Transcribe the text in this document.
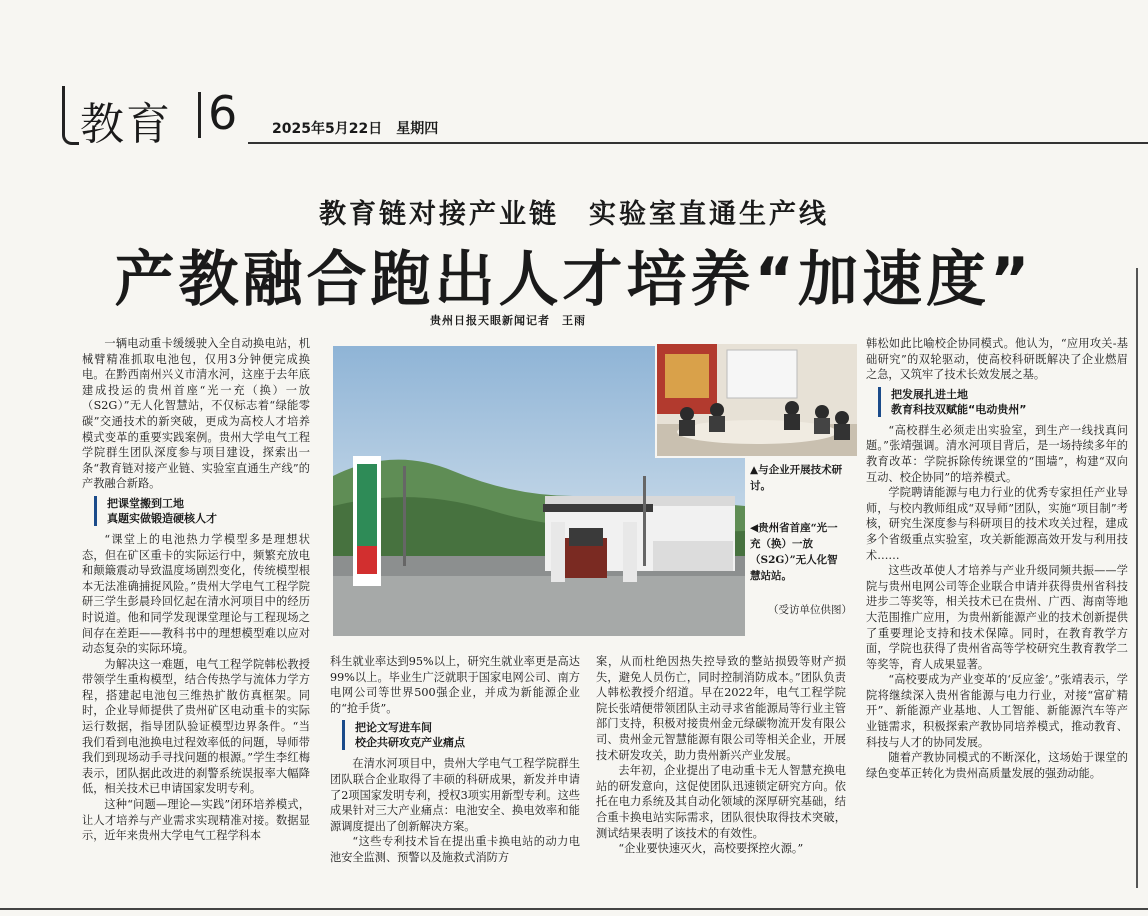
教育 6 2025年5月22日　星期四
教育链对接产业链　实验室直通生产线
产教融合跑出人才培养“加速度”
贵州日报天眼新闻记者　王雨

一辆电动重卡缓缓驶入全自动换电站，机械臂精准抓取电池包，仅用3分钟便完成换电。在黔西南州兴义市清水河，这座于去年底建成投运的贵州首座“光一充（换）一放（S2G）”无人化智慧站，不仅标志着“绿能零碳”交通技术的新突破，更成为高校人才培养模式变革的重要实践案例。贵州大学电气工程学院群生团队深度参与项目建设，探索出一条“教育链对接产业链、实验室直通生产线”的产教融合新路。

把课堂搬到工地
真题实做锻造硬核人才

“课堂上的电池热力学模型多是理想状态，但在矿区重卡的实际运行中，频繁充放电和颠簸震动导致温度场剧烈变化，传统模型根本无法准确捕捉风险。”贵州大学电气工程学院研三学生彭晨玲回忆起在清水河项目中的经历时说道。他和同学发现课堂理论与工程现场之间存在差距——教科书中的理想模型难以应对动态复杂的实际环境。

为解决这一难题，电气工程学院韩松教授带领学生重构模型，结合传热学与流体力学方程，搭建起电池包三维热扩散仿真框架。同时，企业导师提供了贵州矿区电动重卡的实际运行数据，指导团队验证模型边界条件。“当我们看到电池换电过程效率低的问题，导师带我们到现场动手寻找问题的根源。”学生李红梅表示，团队据此改进的刹警系统误报率大幅降低，相关技术已申请国家发明专利。

这种“问题—理论—实践”闭环培养模式，让人才培养与产业需求实现精准对接。数据显示，近年来贵州大学电气工程学科本

▲与企业开展技术研讨。
◀贵州省首座“光一充（换）一放（S2G）”无人化智慧站站。
（受访单位供图）

科生就业率达到95%以上，研究生就业率更是高达99%以上。毕业生广泛就职于国家电网公司、南方电网公司等世界500强企业，并成为新能源企业的“抢手货”。

把论文写进车间
校企共研攻克产业痛点

在清水河项目中，贵州大学电气工程学院群生团队联合企业取得了丰硕的科研成果，新发并申请了2项国家发明专利，授权3项实用新型专利。这些成果针对三大产业痛点：电池安全、换电效率和能源调度提出了创新解决方案。

“这些专利技术旨在提出重卡换电站的动力电池安全监测、预警以及施救式消防方

案，从而杜绝因热失控导致的整站损毁等财产损失，避免人员伤亡，同时控制消防成本。”团队负责人韩松教授介绍道。早在2022年，电气工程学院院长张靖便带领团队主动寻求省能源局等行业主管部门支持，积极对接贵州金元绿碳物流开发有限公司、贵州金元智慧能源有限公司等相关企业，开展技术研发攻关，助力贵州新兴产业发展。

去年初，企业提出了电动重卡无人智慧充换电站的研发意向，这促使团队迅速锁定研究方向。依托在电力系统及其自动化领域的深厚研究基础，结合重卡换电站实际需求，团队很快取得技术突破，测试结果表明了该技术的有效性。

“企业要快速灭火，高校要探控火源。”

韩松如此比喻校企协同模式。他认为，“应用攻关-基础研究”的双轮驱动，使高校科研既解决了企业燃眉之急，又筑牢了技术长效发展之基。

把发展扎进土地
教育科技双赋能“电动贵州”

“高校群生必须走出实验室，到生产一线找真问题。”张靖强调。清水河项目背后，是一场持续多年的教育改革：学院拆除传统课堂的“围墙”，构建“双向互动、校企协同”的培养模式。

学院聘请能源与电力行业的优秀专家担任产业导师，与校内教师组成“双导师”团队，实施“项目制”考核，研究生深度参与科研项目的技术攻关过程，建成多个省级重点实验室，攻关新能源高效开发与利用技术……

这些改革使人才培养与产业升级同频共振——学院与贵州电网公司等企业联合申请并获得贵州省科技进步二等奖等，相关技术已在贵州、广西、海南等地大范围推广应用，为贵州新能源产业的技术创新提供了重要理论支持和技术保障。同时，在教育教学方面，学院也获得了贵州省高等学校研究生教育教学二等奖等，育人成果显著。

“高校要成为产业变革的‘反应釜’。”张靖表示，学院将继续深入贵州省能源与电力行业，对接“富矿精开”、新能源产业基地、人工智能、新能源汽车等产业链需求，积极探索产教协同培养模式，推动教育、科技与人才的协同发展。

随着产教协同模式的不断深化，这场始于课堂的绿色变革正转化为贵州高质量发展的强劲动能。
